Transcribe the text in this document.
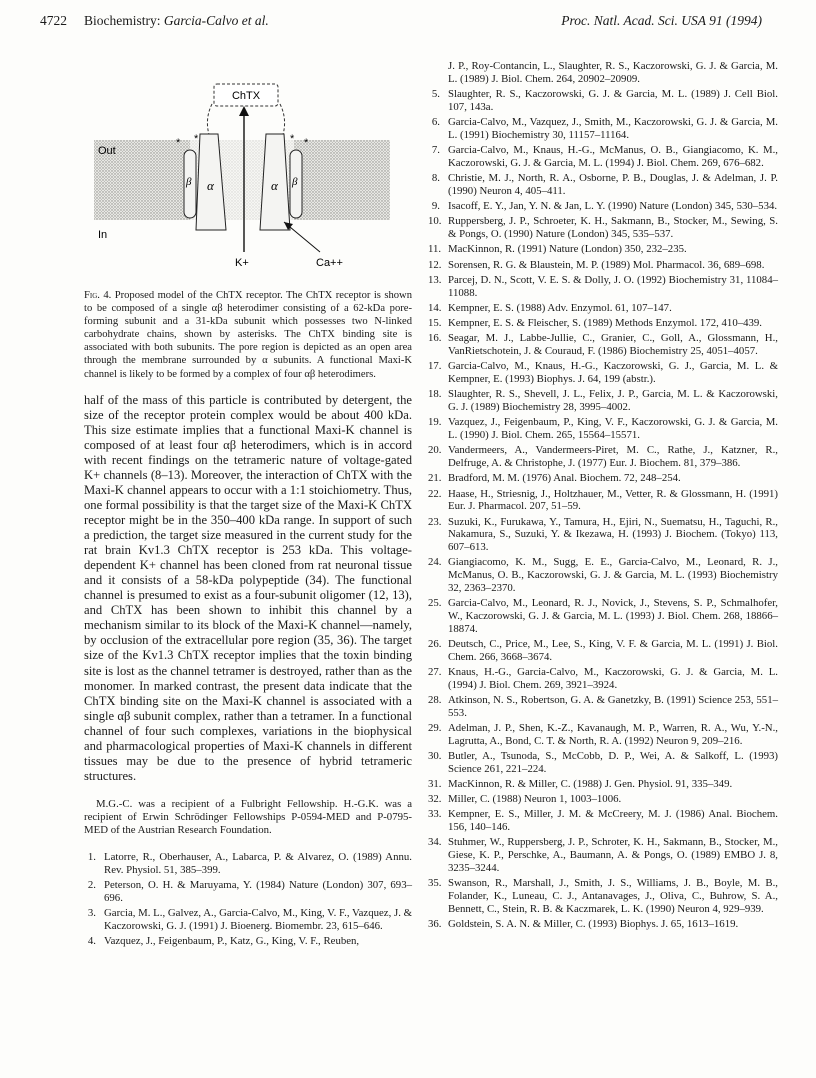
4722 Biochemistry: Garcia-Calvo et al.	Proc. Natl. Acad. Sci. USA 91 (1994)
ChTX
β α	α β
* *	* *
K+	Ca++
Out
In
Fig. 4. Proposed model of the ChTX receptor. The ChTX receptor is shown to be composed of a single αβ heterodimer consisting of a 62-kDa pore-forming subunit and a 31-kDa subunit which possesses two N-linked carbohydrate chains, shown by asterisks. The ChTX binding site is associated with both subunits. The pore region is depicted as an open area through the membrane surrounded by α subunits. A functional Maxi-K channel is likely to be formed by a complex of four αβ heterodimers.
half of the mass of this particle is contributed by detergent, the size of the receptor protein complex would be about 400 kDa. This size estimate implies that a functional Maxi-K channel is composed of at least four αβ heterodimers, which is in accord with recent findings on the tetrameric nature of voltage-gated K+ channels (8–13). Moreover, the interaction of ChTX with the Maxi-K channel appears to occur with a 1:1 stoichiometry. Thus, one formal possibility is that the target size of the Maxi-K ChTX receptor might be in the 350–400 kDa range. In support of such a prediction, the target size measured in the current study for the rat brain Kv1.3 ChTX receptor is 253 kDa. This voltage-dependent K+ channel has been cloned from rat neuronal tissue and it consists of a 58-kDa polypeptide (34). The functional channel is presumed to exist as a four-subunit oligomer (12, 13), and ChTX has been shown to inhibit this channel by a mechanism similar to its block of the Maxi-K channel—namely, by occlusion of the extracellular pore region (35, 36). The target size of the Kv1.3 ChTX receptor implies that the toxin binding site is lost as the channel tetramer is destroyed, rather than as the monomer. In marked contrast, the present data indicate that the ChTX binding site on the Maxi-K channel is associated with a single αβ subunit complex, rather than a tetramer. In a functional channel of four such complexes, variations in the biophysical and pharmacological properties of Maxi-K channels in different tissues may be due to the presence of hybrid tetrameric structures.
M.G.-C. was a recipient of a Fulbright Fellowship. H.-G.K. was a recipient of Erwin Schrödinger Fellowships P-0594-MED and P-0795-MED of the Austrian Research Foundation.
1. Latorre, R., Oberhauser, A., Labarca, P. & Alvarez, O. (1989) Annu. Rev. Physiol. 51, 385–399.
2. Peterson, O. H. & Maruyama, Y. (1984) Nature (London) 307, 693–696.
3. Garcia, M. L., Galvez, A., Garcia-Calvo, M., King, V. F., Vazquez, J. & Kaczorowski, G. J. (1991) J. Bioenerg. Biomembr. 23, 615–646.
4. Vazquez, J., Feigenbaum, P., Katz, G., King, V. F., Reuben,
J. P., Roy-Contancin, L., Slaughter, R. S., Kaczorowski, G. J. & Garcia, M. L. (1989) J. Biol. Chem. 264, 20902–20909.
5. Slaughter, R. S., Kaczorowski, G. J. & Garcia, M. L. (1989) J. Cell Biol. 107, 143a.
6. Garcia-Calvo, M., Vazquez, J., Smith, M., Kaczorowski, G. J. & Garcia, M. L. (1991) Biochemistry 30, 11157–11164.
7. Garcia-Calvo, M., Knaus, H.-G., McManus, O. B., Giangiacomo, K. M., Kaczorowski, G. J. & Garcia, M. L. (1994) J. Biol. Chem. 269, 676–682.
8. Christie, M. J., North, R. A., Osborne, P. B., Douglas, J. & Adelman, J. P. (1990) Neuron 4, 405–411.
9. Isacoff, E. Y., Jan, Y. N. & Jan, L. Y. (1990) Nature (London) 345, 530–534.
10. Ruppersberg, J. P., Schroeter, K. H., Sakmann, B., Stocker, M., Sewing, S. & Pongs, O. (1990) Nature (London) 345, 535–537.
11. MacKinnon, R. (1991) Nature (London) 350, 232–235.
12. Sorensen, R. G. & Blaustein, M. P. (1989) Mol. Pharmacol. 36, 689–698.
13. Parcej, D. N., Scott, V. E. S. & Dolly, J. O. (1992) Biochemistry 31, 11084–11088.
14. Kempner, E. S. (1988) Adv. Enzymol. 61, 107–147.
15. Kempner, E. S. & Fleischer, S. (1989) Methods Enzymol. 172, 410–439.
16. Seagar, M. J., Labbe-Jullie, C., Granier, C., Goll, A., Glossmann, H., VanRietschotein, J. & Couraud, F. (1986) Biochemistry 25, 4051–4057.
17. Garcia-Calvo, M., Knaus, H.-G., Kaczorowski, G. J., Garcia, M. L. & Kempner, E. (1993) Biophys. J. 64, 199 (abstr.).
18. Slaughter, R. S., Shevell, J. L., Felix, J. P., Garcia, M. L. & Kaczorowski, G. J. (1989) Biochemistry 28, 3995–4002.
19. Vazquez, J., Feigenbaum, P., King, V. F., Kaczorowski, G. J. & Garcia, M. L. (1990) J. Biol. Chem. 265, 15564–15571.
20. Vandermeers, A., Vandermeers-Piret, M. C., Rathe, J., Katzner, R., Delfruge, A. & Christophe, J. (1977) Eur. J. Biochem. 81, 379–386.
21. Bradford, M. M. (1976) Anal. Biochem. 72, 248–254.
22. Haase, H., Striesnig, J., Holtzhauer, M., Vetter, R. & Glossmann, H. (1991) Eur. J. Pharmacol. 207, 51–59.
23. Suzuki, K., Furukawa, Y., Tamura, H., Ejiri, N., Suematsu, H., Taguchi, R., Nakamura, S., Suzuki, Y. & Ikezawa, H. (1993) J. Biochem. (Tokyo) 113, 607–613.
24. Giangiacomo, K. M., Sugg, E. E., Garcia-Calvo, M., Leonard, R. J., McManus, O. B., Kaczorowski, G. J. & Garcia, M. L. (1993) Biochemistry 32, 2363–2370.
25. Garcia-Calvo, M., Leonard, R. J., Novick, J., Stevens, S. P., Schmalhofer, W., Kaczorowski, G. J. & Garcia, M. L. (1993) J. Biol. Chem. 268, 18866–18874.
26. Deutsch, C., Price, M., Lee, S., King, V. F. & Garcia, M. L. (1991) J. Biol. Chem. 266, 3668–3674.
27. Knaus, H.-G., Garcia-Calvo, M., Kaczorowski, G. J. & Garcia, M. L. (1994) J. Biol. Chem. 269, 3921–3924.
28. Atkinson, N. S., Robertson, G. A. & Ganetzky, B. (1991) Science 253, 551–553.
29. Adelman, J. P., Shen, K.-Z., Kavanaugh, M. P., Warren, R. A., Wu, Y.-N., Lagrutta, A., Bond, C. T. & North, R. A. (1992) Neuron 9, 209–216.
30. Butler, A., Tsunoda, S., McCobb, D. P., Wei, A. & Salkoff, L. (1993) Science 261, 221–224.
31. MacKinnon, R. & Miller, C. (1988) J. Gen. Physiol. 91, 335–349.
32. Miller, C. (1988) Neuron 1, 1003–1006.
33. Kempner, E. S., Miller, J. M. & McCreery, M. J. (1986) Anal. Biochem. 156, 140–146.
34. Stuhmer, W., Ruppersberg, J. P., Schroter, K. H., Sakmann, B., Stocker, M., Giese, K. P., Perschke, A., Baumann, A. & Pongs, O. (1989) EMBO J. 8, 3235–3244.
35. Swanson, R., Marshall, J., Smith, J. S., Williams, J. B., Boyle, M. B., Folander, K., Luneau, C. J., Antanavages, J., Oliva, C., Buhrow, S. A., Bennett, C., Stein, R. B. & Kaczmarek, L. K. (1990) Neuron 4, 929–939.
36. Goldstein, S. A. N. & Miller, C. (1993) Biophys. J. 65, 1613–1619.
